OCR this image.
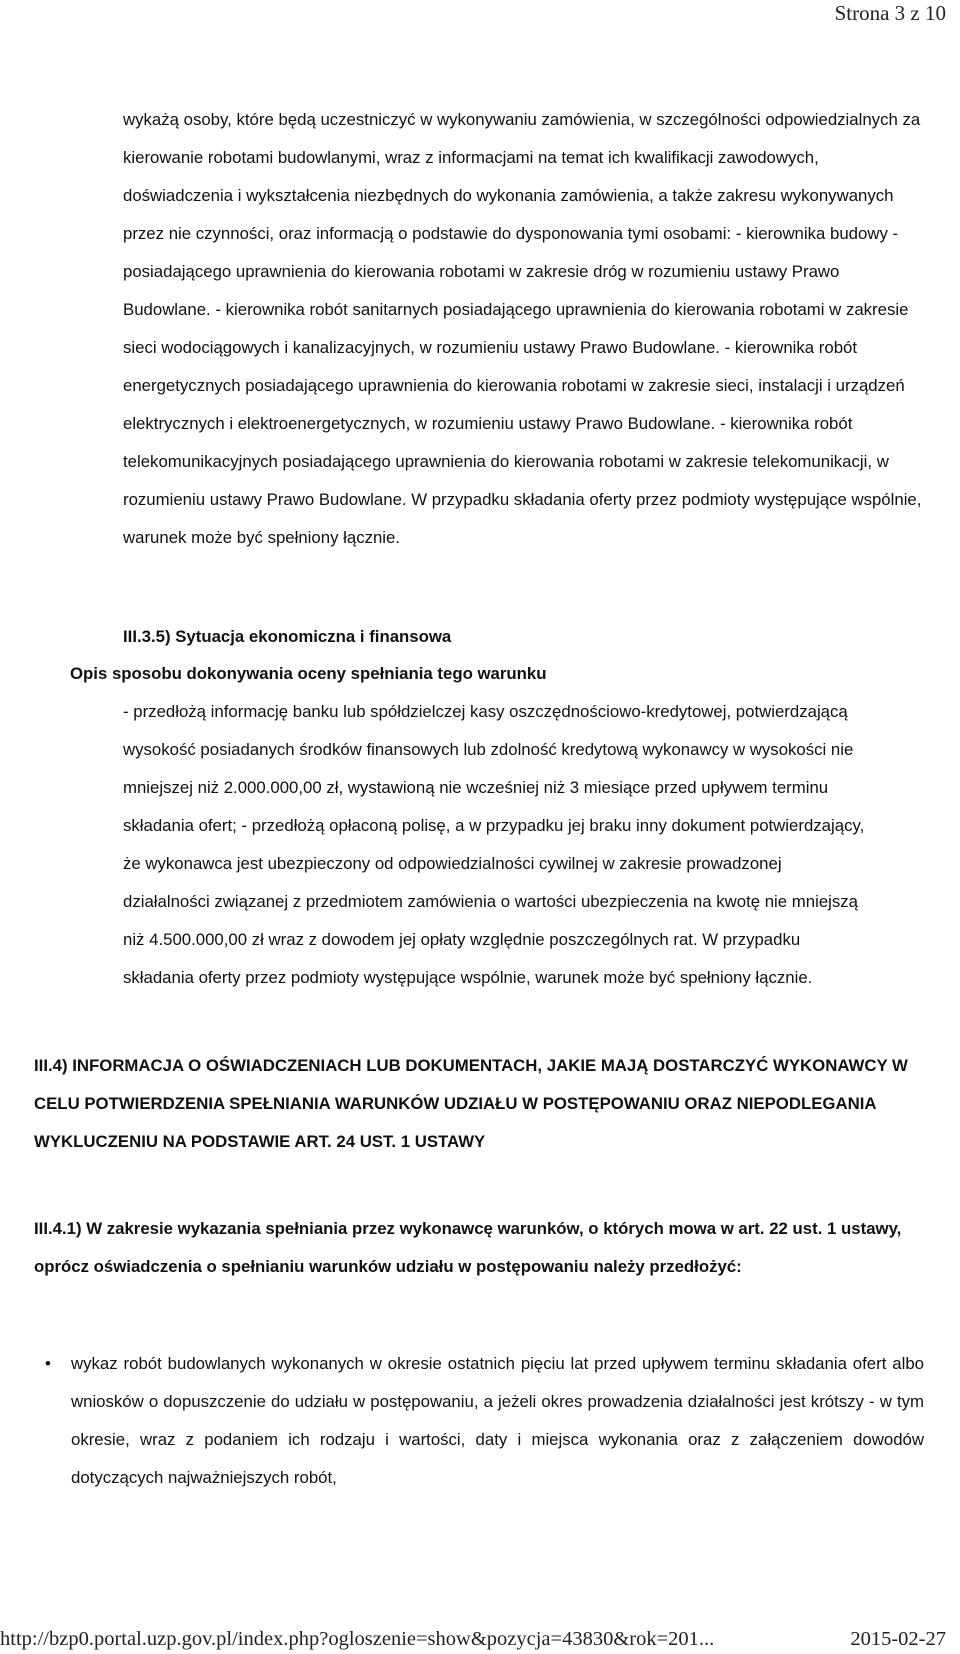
Strona 3 z 10

wykażą osoby, które będą uczestniczyć w wykonywaniu zamówienia, w szczególności odpowiedzialnych za kierowanie robotami budowlanymi, wraz z informacjami na temat ich kwalifikacji zawodowych, doświadczenia i wykształcenia niezbędnych do wykonania zamówienia, a także zakresu wykonywanych przez nie czynności, oraz informacją o podstawie do dysponowania tymi osobami: - kierownika budowy - posiadającego uprawnienia do kierowania robotami w zakresie dróg w rozumieniu ustawy Prawo Budowlane. - kierownika robót sanitarnych posiadającego uprawnienia do kierowania robotami w zakresie sieci wodociągowych i kanalizacyjnych, w rozumieniu ustawy Prawo Budowlane. - kierownika robót energetycznych posiadającego uprawnienia do kierowania robotami w zakresie sieci, instalacji i urządzeń elektrycznych i elektroenergetycznych, w rozumieniu ustawy Prawo Budowlane. - kierownika robót telekomunikacyjnych posiadającego uprawnienia do kierowania robotami w zakresie telekomunikacji, w rozumieniu ustawy Prawo Budowlane. W przypadku składania oferty przez podmioty występujące wspólnie, warunek może być spełniony łącznie.

III.3.5) Sytuacja ekonomiczna i finansowa

Opis sposobu dokonywania oceny spełniania tego warunku

- przedłożą informację banku lub spółdzielczej kasy oszczędnościowo-kredytowej, potwierdzającą wysokość posiadanych środków finansowych lub zdolność kredytową wykonawcy w wysokości nie mniejszej niż 2.000.000,00 zł, wystawioną nie wcześniej niż 3 miesiące przed upływem terminu składania ofert; - przedłożą opłaconą polisę, a w przypadku jej braku inny dokument potwierdzający, że wykonawca jest ubezpieczony od odpowiedzialności cywilnej w zakresie prowadzonej działalności związanej z przedmiotem zamówienia o wartości ubezpieczenia na kwotę nie mniejszą niż 4.500.000,00 zł wraz z dowodem jej opłaty względnie poszczególnych rat. W przypadku składania oferty przez podmioty występujące wspólnie, warunek może być spełniony łącznie.

III.4) INFORMACJA O OŚWIADCZENIACH LUB DOKUMENTACH, JAKIE MAJĄ DOSTARCZYĆ WYKONAWCY W CELU POTWIERDZENIA SPEŁNIANIA WARUNKÓW UDZIAŁU W POSTĘPOWANIU ORAZ NIEPODLEGANIA WYKLUCZENIU NA PODSTAWIE ART. 24 UST. 1 USTAWY

III.4.1) W zakresie wykazania spełniania przez wykonawcę warunków, o których mowa w art. 22 ust. 1 ustawy, oprócz oświadczenia o spełnianiu warunków udziału w postępowaniu należy przedłożyć:

• wykaz robót budowlanych wykonanych w okresie ostatnich pięciu lat przed upływem terminu składania ofert albo wniosków o dopuszczenie do udziału w postępowaniu, a jeżeli okres prowadzenia działalności jest krótszy - w tym okresie, wraz z podaniem ich rodzaju i wartości, daty i miejsca wykonania oraz z załączeniem dowodów dotyczących najważniejszych robót,

http://bzp0.portal.uzp.gov.pl/index.php?ogloszenie=show&pozycja=43830&rok=201...	2015-02-27
